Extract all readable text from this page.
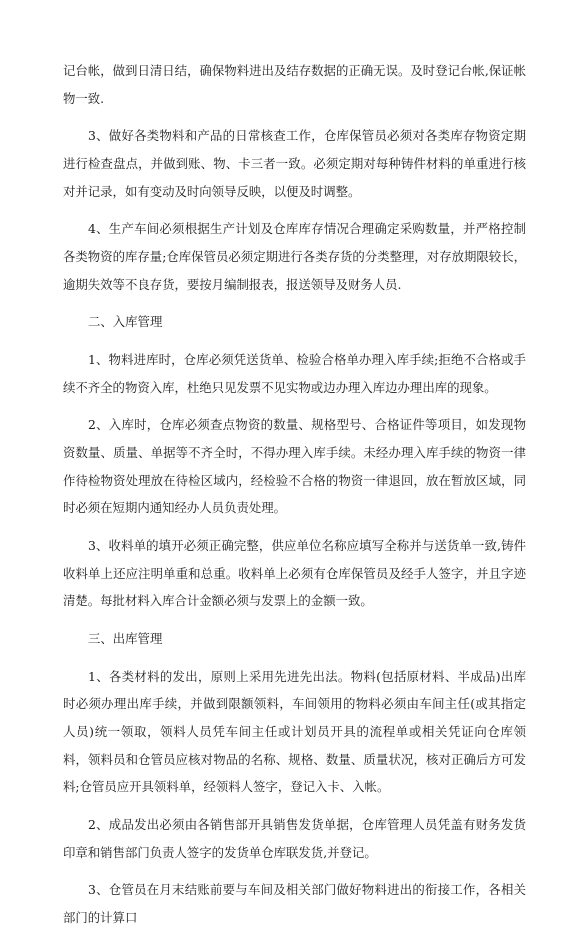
记台帐，做到日清日结，确保物料进出及结存数据的正确无误。及时登记台帐,保证帐物一致.

3、做好各类物料和产品的日常核查工作，仓库保管员必须对各类库存物资定期进行检查盘点，并做到账、物、卡三者一致。必须定期对每种铸件材料的单重进行核对并记录，如有变动及时向领导反映，以便及时调整。

4、生产车间必须根据生产计划及仓库库存情况合理确定采购数量，并严格控制各类物资的库存量;仓库保管员必须定期进行各类存货的分类整理，对存放期限较长，逾期失效等不良存货，要按月编制报表，报送领导及财务人员.

二、入库管理

1、物料进库时，仓库必须凭送货单、检验合格单办理入库手续;拒绝不合格或手续不齐全的物资入库，杜绝只见发票不见实物或边办理入库边办理出库的现象。

2、入库时，仓库必须查点物资的数量、规格型号、合格证件等项目，如发现物资数量、质量、单据等不齐全时，不得办理入库手续。未经办理入库手续的物资一律作待检物资处理放在待检区域内，经检验不合格的物资一律退回，放在暂放区域，同时必须在短期内通知经办人员负责处理。

3、收料单的填开必须正确完整，供应单位名称应填写全称并与送货单一致,铸件收料单上还应注明单重和总重。收料单上必须有仓库保管员及经手人签字，并且字迹清楚。每批材料入库合计金额必须与发票上的金额一致。

三、出库管理

1、各类材料的发出，原则上采用先进先出法。物料(包括原材料、半成品)出库时必须办理出库手续，并做到限额领料，车间领用的物料必须由车间主任(或其指定人员)统一领取，领料人员凭车间主任或计划员开具的流程单或相关凭证向仓库领料，领料员和仓管员应核对物品的名称、规格、数量、质量状况，核对正确后方可发料;仓管员应开具领料单，经领料人签字，登记入卡、入帐。

2、成品发出必须由各销售部开具销售发货单据，仓库管理人员凭盖有财务发货印章和销售部门负责人签字的发货单仓库联发货,并登记。

3、仓管员在月末结账前要与车间及相关部门做好物料进出的衔接工作，各相关部门的计算口
